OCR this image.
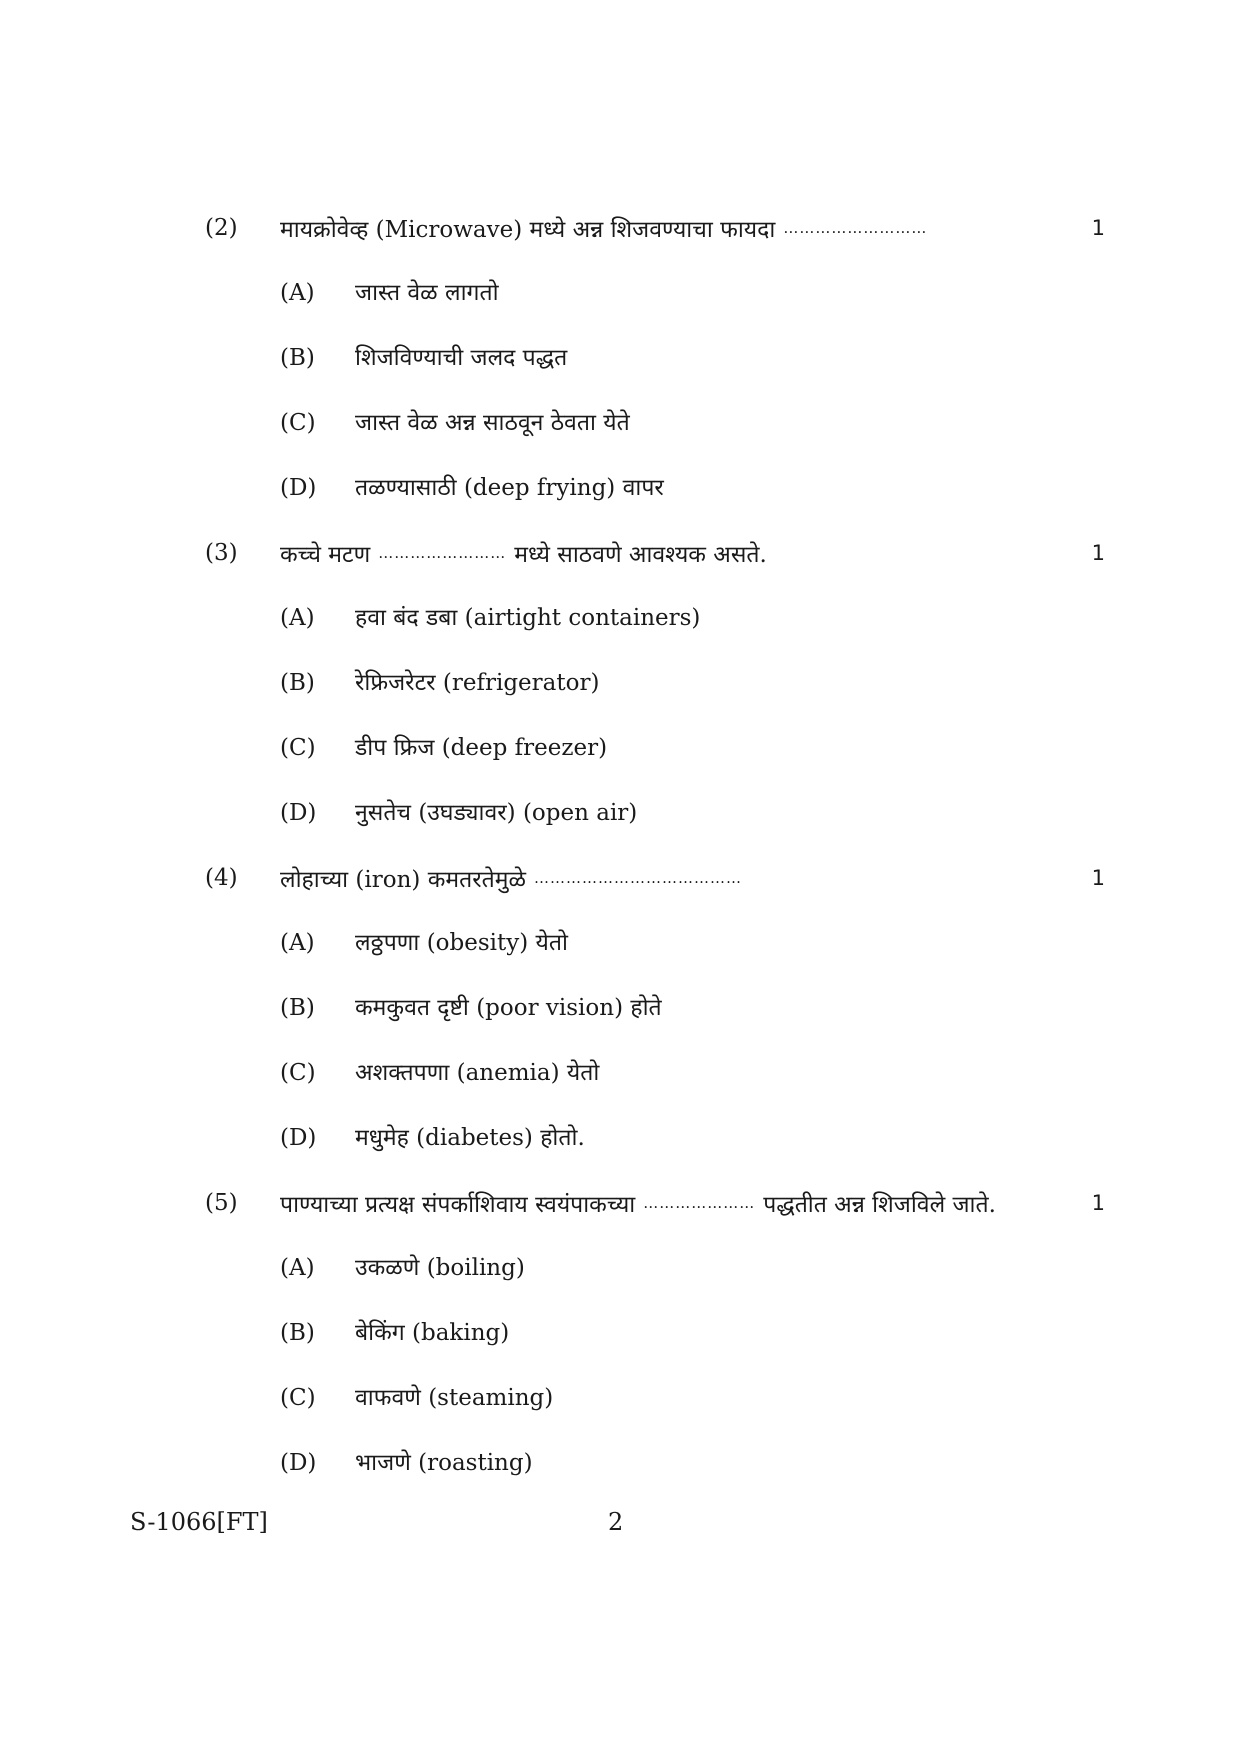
(2) मायक्रोवेव्ह (Microwave) मध्ये अन्न शिजवण्याचा फायदा ………………………	1
(A) जास्त वेळ लागतो
(B) शिजविण्याची जलद पद्धत
(C) जास्त वेळ अन्न साठवून ठेवता येते
(D) तळण्यासाठी (deep frying) वापर
(3) कच्चे मटण …………………… मध्ये साठवणे आवश्यक असते.	1
(A) हवा बंद डबा (airtight containers)
(B) रेफ्रिजरेटर (refrigerator)
(C) डीप फ्रिज (deep freezer)
(D) नुसतेच (उघड्यावर) (open air)
(4) लोहाच्या (iron) कमतरतेमुळे …………………………………	1
(A) लठ्ठपणा (obesity) येतो
(B) कमकुवत दृष्टी (poor vision) होते
(C) अशक्तपणा (anemia) येतो
(D) मधुमेह (diabetes) होतो.
(5) पाण्याच्या प्रत्यक्ष संपर्काशिवाय स्वयंपाकच्या ………………… पद्धतीत अन्न शिजविले जाते.	1
(A) उकळणे (boiling)
(B) बेकिंग (baking)
(C) वाफवणे (steaming)
(D) भाजणे (roasting)
S-1066[FT]	2
